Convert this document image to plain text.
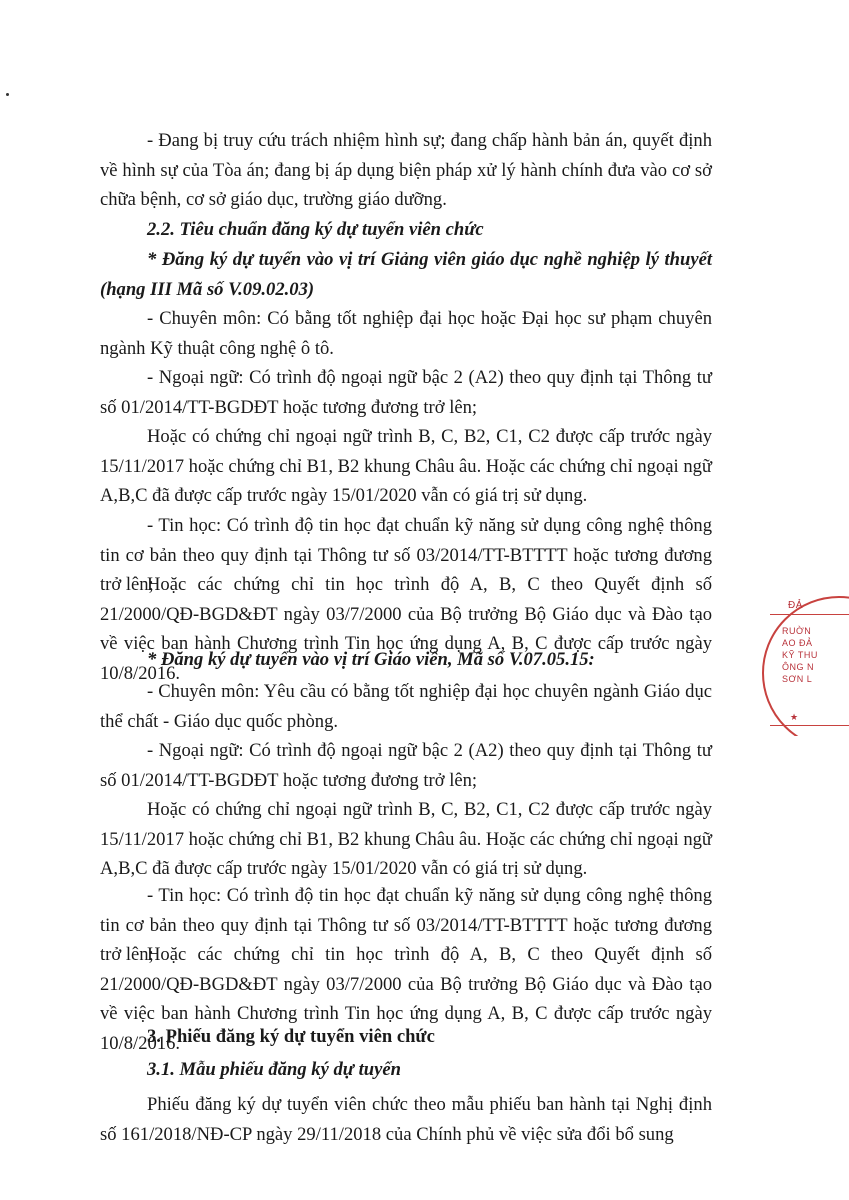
- Đang bị truy cứu trách nhiệm hình sự; đang chấp hành bản án, quyết định về hình sự của Tòa án; đang bị áp dụng biện pháp xử lý hành chính đưa vào cơ sở chữa bệnh, cơ sở giáo dục, trường giáo dưỡng.

2.2. Tiêu chuẩn đăng ký dự tuyển viên chức

* Đăng ký dự tuyển vào vị trí Giảng viên giáo dục nghề nghiệp lý thuyết (hạng III Mã số V.09.02.03)

- Chuyên môn: Có bằng tốt nghiệp đại học hoặc Đại học sư phạm chuyên ngành Kỹ thuật công nghệ ô tô.

- Ngoại ngữ: Có trình độ ngoại ngữ bậc 2 (A2) theo quy định tại Thông tư số 01/2014/TT-BGDĐT hoặc tương đương trở lên;

Hoặc có chứng chỉ ngoại ngữ trình B, C, B2, C1, C2 được cấp trước ngày 15/11/2017 hoặc chứng chỉ B1, B2 khung Châu âu. Hoặc các chứng chỉ ngoại ngữ A,B,C đã được cấp trước ngày 15/01/2020 vẫn có giá trị sử dụng.

- Tin học: Có trình độ tin học đạt chuẩn kỹ năng sử dụng công nghệ thông tin cơ bản theo quy định tại Thông tư số 03/2014/TT-BTTTT hoặc tương đương trở lên;

Hoặc các chứng chỉ tin học trình độ A, B, C theo Quyết định số 21/2000/QĐ-BGD&ĐT ngày 03/7/2000 của Bộ trưởng Bộ Giáo dục và Đào tạo về việc ban hành Chương trình Tin học ứng dụng A, B, C được cấp trước ngày 10/8/2016.

* Đăng ký dự tuyển vào vị trí Giáo viên, Mã số V.07.05.15:

- Chuyên môn: Yêu cầu có bằng tốt nghiệp đại học chuyên ngành Giáo dục thể chất - Giáo dục quốc phòng.

- Ngoại ngữ: Có trình độ ngoại ngữ bậc 2 (A2) theo quy định tại Thông tư số 01/2014/TT-BGDĐT hoặc tương đương trở lên;

Hoặc có chứng chỉ ngoại ngữ trình B, C, B2, C1, C2 được cấp trước ngày 15/11/2017 hoặc chứng chỉ B1, B2 khung Châu âu. Hoặc các chứng chỉ ngoại ngữ A,B,C đã được cấp trước ngày 15/01/2020 vẫn có giá trị sử dụng.

- Tin học: Có trình độ tin học đạt chuẩn kỹ năng sử dụng công nghệ thông tin cơ bản theo quy định tại Thông tư số 03/2014/TT-BTTTT hoặc tương đương trở lên;

Hoặc các chứng chỉ tin học trình độ A, B, C theo Quyết định số 21/2000/QĐ-BGD&ĐT ngày 03/7/2000 của Bộ trưởng Bộ Giáo dục và Đào tạo về việc ban hành Chương trình Tin học ứng dụng A, B, C được cấp trước ngày 10/8/2016.

3. Phiếu đăng ký dự tuyển viên chức

3.1. Mẫu phiếu đăng ký dự tuyển

Phiếu đăng ký dự tuyển viên chức theo mẫu phiếu ban hành tại Nghị định số 161/2018/NĐ-CP ngày 29/11/2018 của Chính phủ về việc sửa đổi bổ sung

ĐẢ
RUỜN
AO ĐẢ
KỸ THU
ÔNG N
SƠN L
★
